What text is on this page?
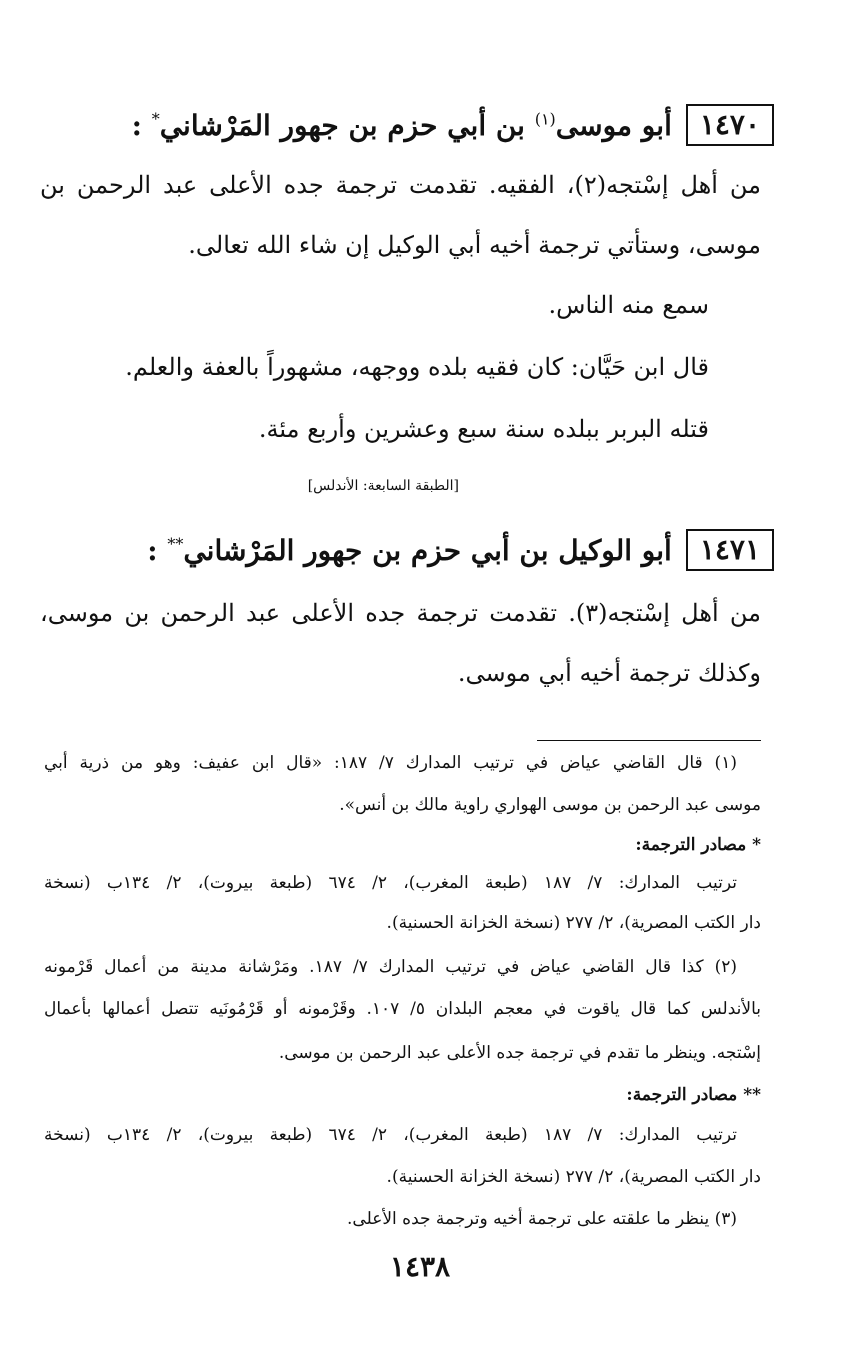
١٤٧٠
أبو موسى$^{(١)}$ بن أبي حزم بن جهور المَرْشاني* :
من أهل إسْتجه(٢)، الفقيه. تقدمت ترجمة جده الأعلى عبد الرحمن بن
موسى، وستأتي ترجمة أخيه أبي الوكيل إن شاء الله تعالى.
سمع منه الناس.
قال ابن حَيَّان: كان فقيه بلده ووجهه، مشهوراً بالعفة والعلم.
قتله البربر ببلده سنة سبع وعشرين وأربع مئة.
[الطبقة السابعة: الأندلس]
١٤٧١
أبو الوكيل بن أبي حزم بن جهور المَرْشاني** :
من أهل إسْتجه(٣). تقدمت ترجمة جده الأعلى عبد الرحمن بن موسى،
وكذلك ترجمة أخيه أبي موسى.
(١) قال القاضي عياض في ترتيب المدارك ٧/ ١٨٧: «قال ابن عفيف: وهو من ذرية أبي
موسى عبد الرحمن بن موسى الهواري راوية مالك بن أنس».
* مصادر الترجمة:
ترتيب المدارك: ٧/ ١٨٧ (طبعة المغرب)، ٢/ ٦٧٤ (طبعة بيروت)، ٢/ ١٣٤ب (نسخة
دار الكتب المصرية)، ٢/ ٢٧٧ (نسخة الخزانة الحسنية).
(٢) كذا قال القاضي عياض في ترتيب المدارك ٧/ ١٨٧. ومَرْشانة مدينة من أعمال قَرْمونه
بالأندلس كما قال ياقوت في معجم البلدان ٥/ ١٠٧. وقَرْمونه أو قَرْمُونَيه تتصل أعمالها بأعمال
إسْتجه. وينظر ما تقدم في ترجمة جده الأعلى عبد الرحمن بن موسى.
** مصادر الترجمة:
ترتيب المدارك: ٧/ ١٨٧ (طبعة المغرب)، ٢/ ٦٧٤ (طبعة بيروت)، ٢/ ١٣٤ب (نسخة
دار الكتب المصرية)، ٢/ ٢٧٧ (نسخة الخزانة الحسنية).
(٣) ينظر ما علقته على ترجمة أخيه وترجمة جده الأعلى.
١٤٣٨
